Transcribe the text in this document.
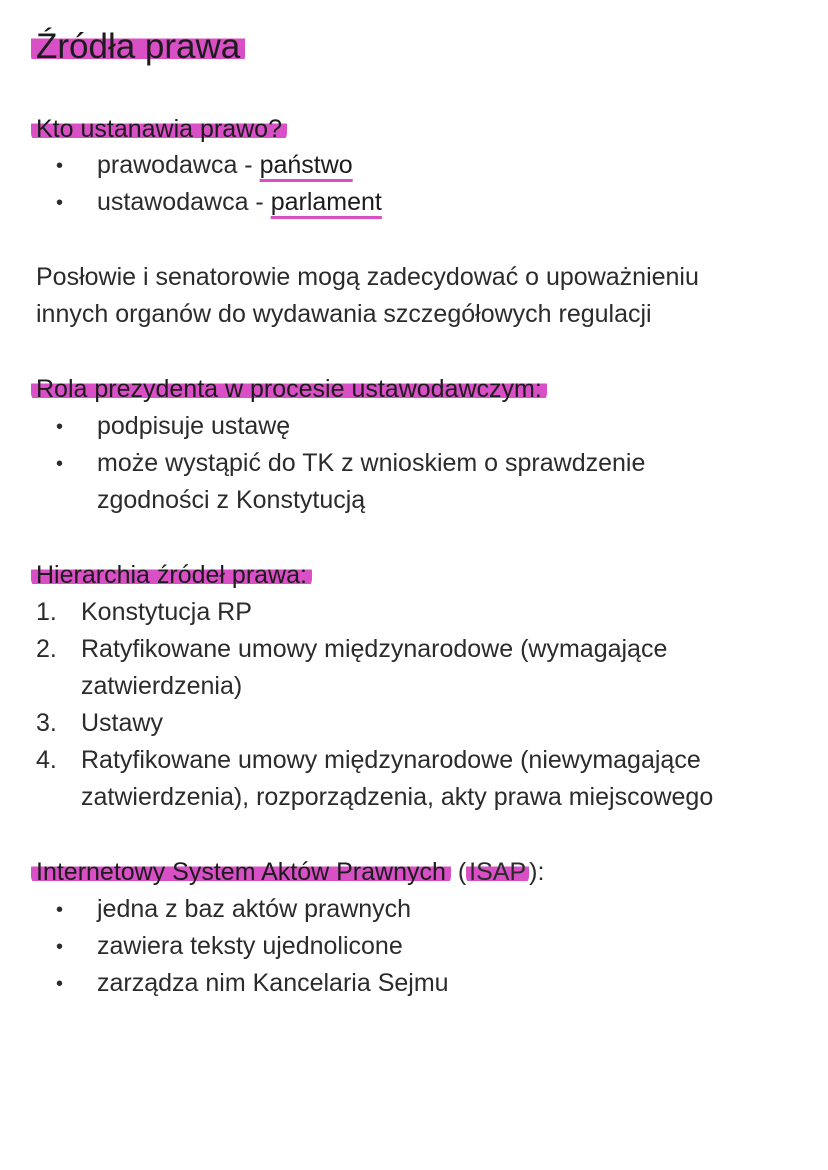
Źródła prawa
Kto ustanawia prawo?
• prawodawca - państwo
• ustawodawca - parlament
Posłowie i senatorowie mogą zadecydować o upoważnieniu
innych organów do wydawania szczegółowych regulacji
Rola prezydenta w procesie ustawodawczym:
• podpisuje ustawę
• może wystąpić do TK z wnioskiem o sprawdzenie
zgodności z Konstytucją
Hierarchia źródeł prawa:
1. Konstytucja RP
2. Ratyfikowane umowy międzynarodowe (wymagające
zatwierdzenia)
3. Ustawy
4. Ratyfikowane umowy międzynarodowe (niewymagające
zatwierdzenia), rozporządzenia, akty prawa miejscowego
Internetowy System Aktów Prawnych ( ISAP ):
• jedna z baz aktów prawnych
• zawiera teksty ujednolicone
• zarządza nim Kancelaria Sejmu
